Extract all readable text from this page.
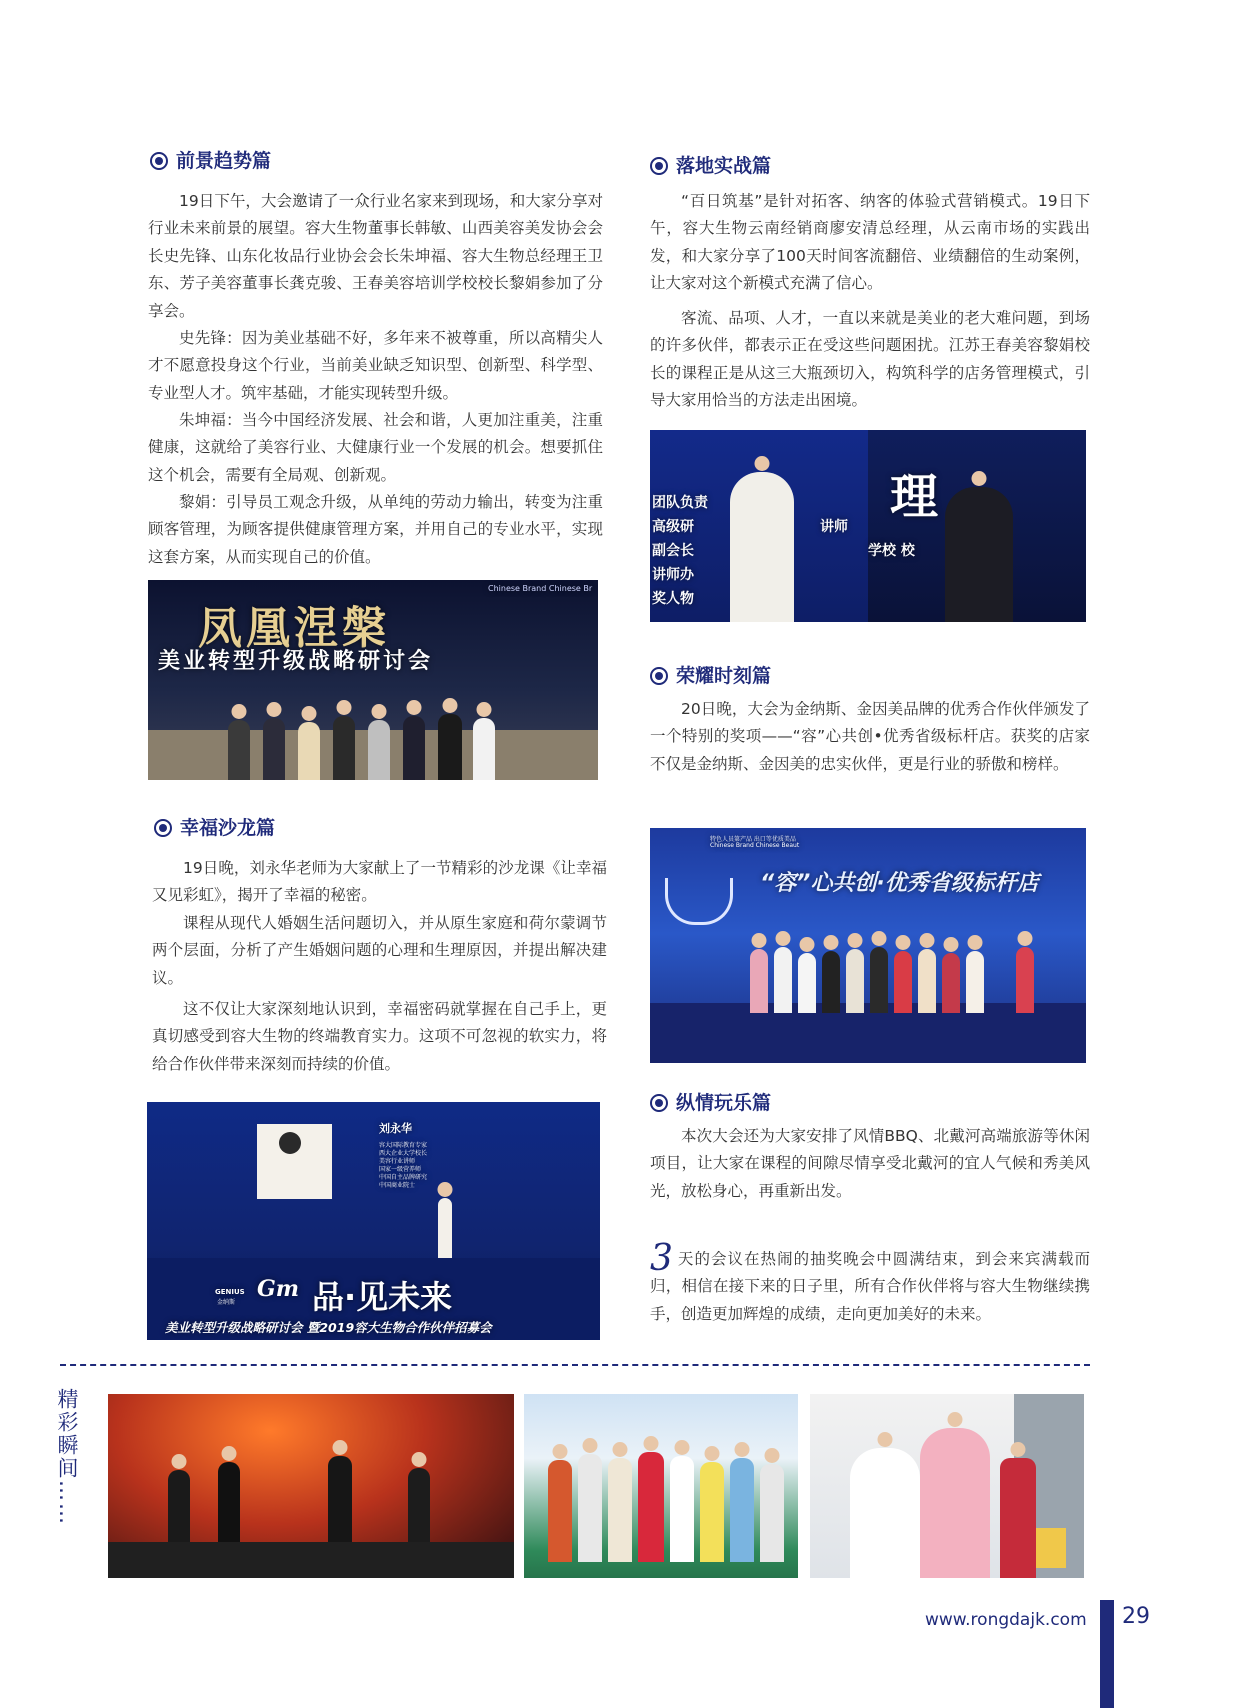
前景趋势篇

19日下午，大会邀请了一众行业名家来到现场，和大家分享对行业未来前景的展望。容大生物董事长韩敏、山西美容美发协会会长史先锋、山东化妆品行业协会会长朱坤福、容大生物总经理王卫东、芳子美容董事长龚克骏、王春美容培训学校校长黎娟参加了分享会。

史先锋：因为美业基础不好，多年来不被尊重，所以高精尖人才不愿意投身这个行业，当前美业缺乏知识型、创新型、科学型、专业型人才。筑牢基础，才能实现转型升级。

朱坤福：当今中国经济发展、社会和谐，人更加注重美，注重健康，这就给了美容行业、大健康行业一个发展的机会。想要抓住这个机会，需要有全局观、创新观。

黎娟：引导员工观念升级，从单纯的劳动力输出，转变为注重顾客管理，为顾客提供健康管理方案，并用自己的专业水平，实现这套方案，从而实现自己的价值。

Chinese Brand Chinese Br
凤凰涅槃
美业转型升级战略研讨会
幸福沙龙篇

19日晚，刘永华老师为大家献上了一节精彩的沙龙课《让幸福又见彩虹》，揭开了幸福的秘密。

课程从现代人婚姻生活问题切入，并从原生家庭和荷尔蒙调节两个层面，分析了产生婚姻问题的心理和生理原因，并提出解决建议。

这不仅让大家深刻地认识到，幸福密码就掌握在自己手上，更真切感受到容大生物的终端教育实力。这项不可忽视的软实力，将给合作伙伴带来深刻而持续的价值。

刘永华
容大国际教育专家
西大企业大学校长
美容行业讲师
国家一级营养师
中国自主品牌研究
中国商业院士
GENIUS
金纳斯
Gm 品·见未来
美业转型升级战略研讨会 暨2019容大生物合作伙伴招募会
落地实战篇

“百日筑基”是针对拓客、纳客的体验式营销模式。19日下午，容大生物云南经销商廖安清总经理，从云南市场的实践出发，和大家分享了100天时间客流翻倍、业绩翻倍的生动案例，让大家对这个新模式充满了信心。

客流、品项、人才，一直以来就是美业的老大难问题，到场的许多伙伴，都表示正在受这些问题困扰。江苏王春美容黎娟校长的课程正是从这三大瓶颈切入，构筑科学的店务管理模式，引导大家用恰当的方法走出困境。

理
团队负责
高级研
副会长
讲师办
奖人物
讲师
学校 校
荣耀时刻篇

20日晚，大会为金纳斯、金因美品牌的优秀合作伙伴颁发了一个特别的奖项——“容”心共创•优秀省级标杆店。获奖的店家不仅是金纳斯、金因美的忠实伙伴，更是行业的骄傲和榜样。

特色人员第产品 出口等优质美品
Chinese Brand Chinese Beaut
“容”心共创·优秀省级标杆店
纵情玩乐篇

本次大会还为大家安排了风情BBQ、北戴河高端旅游等休闲项目，让大家在课程的间隙尽情享受北戴河的宜人气候和秀美风光，放松身心，再重新出发。

3 天的会议在热闹的抽奖晚会中圆满结束，到会来宾满载而归，相信在接下来的日子里，所有合作伙伴将与容大生物继续携手，创造更加辉煌的成绩，走向更加美好的未来。

精彩瞬间……
www.rongdajk.com 29
